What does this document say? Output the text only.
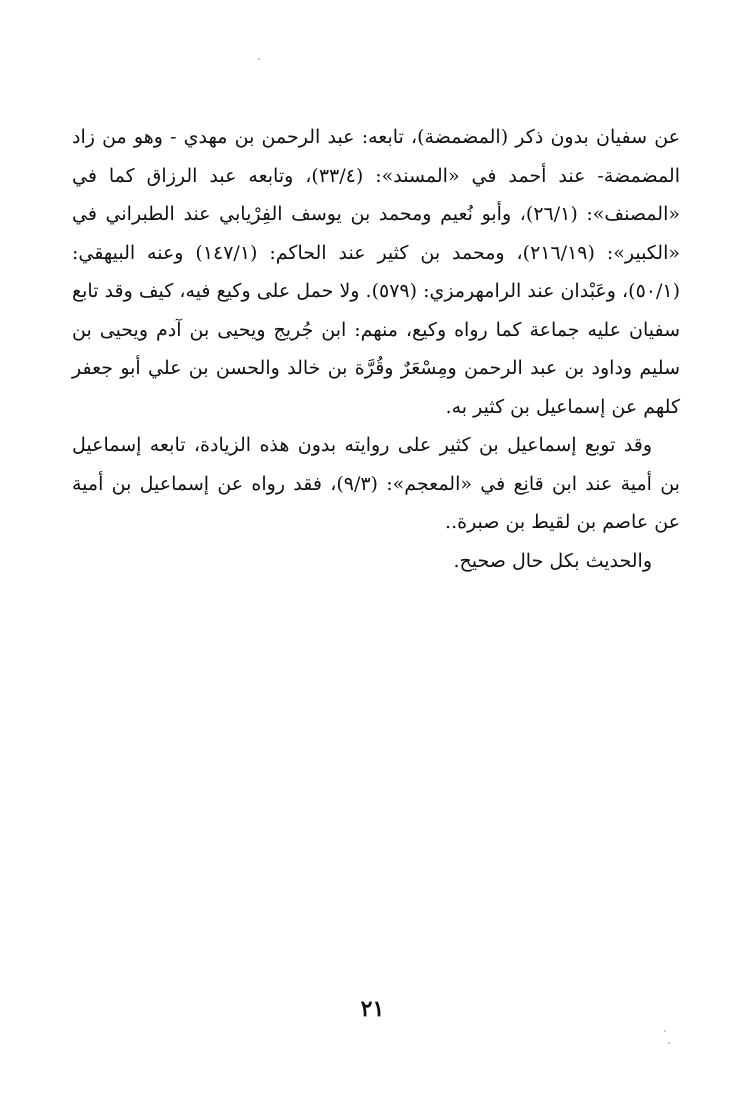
عن سفيان بدون ذكر (المضمضة)، تابعه: عبد الرحمن بن مهدي - وهو من زاد المضمضة- عند أحمد في «المسند»: (٣٣/٤)، وتابعه عبد الرزاق كما في «المصنف»: (٢٦/١)، وأبو نُعيم ومحمد بن يوسف الفِرْيابي عند الطبراني في «الكبير»: (٢١٦/١٩)، ومحمد بن كثير عند الحاكم: (١٤٧/١) وعنه البيهقي: (٥٠/١)، وعَبْدان عند الرامهرمزي: (٥٧٩). ولا حمل على وكيع فيه، كيف وقد تابع سفيان عليه جماعة كما رواه وكيع، منهم: ابن جُريج ويحيى بن آدم ويحيى بن سليم وداود بن عبد الرحمن ومِسْعَرٌ وقُرَّة بن خالد والحسن بن علي أبو جعفر كلهم عن إسماعيل بن كثير به.

وقد توبع إسماعيل بن كثير على روايته بدون هذه الزيادة، تابعه إسماعيل بن أمية عند ابن قانِع في «المعجم»: (٩/٣)، فقد رواه عن إسماعيل بن أمية عن عاصم بن لقيط بن صبرة..

والحديث بكل حال صحيح.

٢١
